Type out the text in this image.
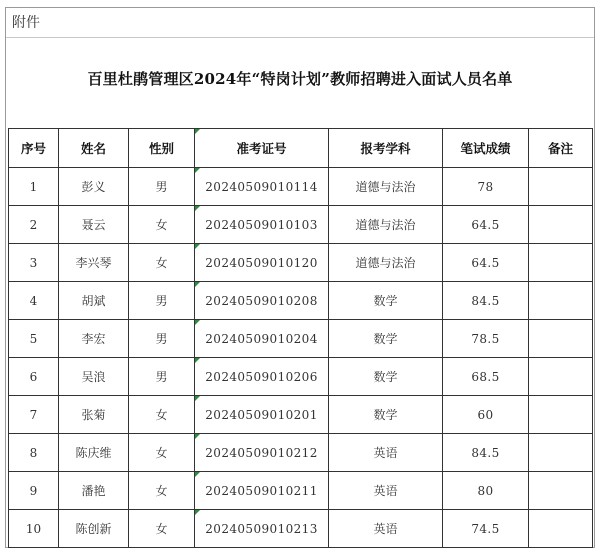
附件
百里杜鹃管理区2024年“特岗计划”教师招聘进入面试人员名单
序号	姓名	性别	准考证号	报考学科	笔试成绩	备注
1	彭义	男	20240509010114	道德与法治	78	
2	聂云	女	20240509010103	道德与法治	64.5	
3	李兴琴	女	20240509010120	道德与法治	64.5	
4	胡斌	男	20240509010208	数学	84.5	
5	李宏	男	20240509010204	数学	78.5	
6	吴浪	男	20240509010206	数学	68.5	
7	张菊	女	20240509010201	数学	60	
8	陈庆维	女	20240509010212	英语	84.5	
9	潘艳	女	20240509010211	英语	80	
10	陈创新	女	20240509010213	英语	74.5	
